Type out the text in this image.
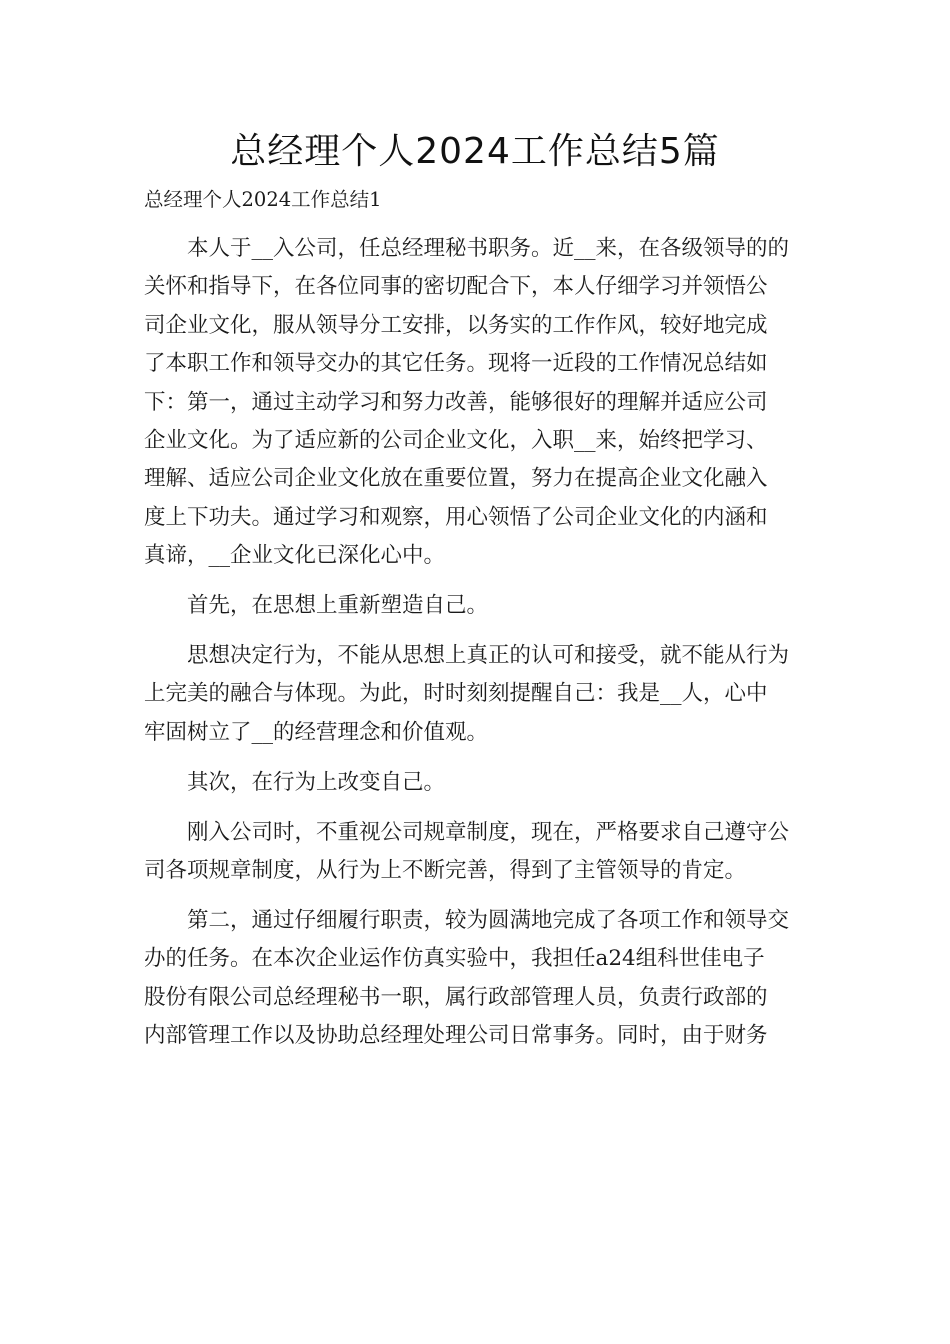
总经理个人2024工作总结5篇
总经理个人2024工作总结1

本人于__入公司，任总经理秘书职务。近__来，在各级领导的的
关怀和指导下，在各位同事的密切配合下，本人仔细学习并领悟公
司企业文化，服从领导分工安排，以务实的工作作风，较好地完成
了本职工作和领导交办的其它任务。现将一近段的工作情况总结如
下：第一，通过主动学习和努力改善，能够很好的理解并适应公司
企业文化。为了适应新的公司企业文化，入职__来，始终把学习、
理解、适应公司企业文化放在重要位置，努力在提高企业文化融入
度上下功夫。通过学习和观察，用心领悟了公司企业文化的内涵和
真谛，__企业文化已深化心中。

首先，在思想上重新塑造自己。

思想决定行为，不能从思想上真正的认可和接受，就不能从行为
上完美的融合与体现。为此，时时刻刻提醒自己：我是__人，心中
牢固树立了__的经营理念和价值观。

其次，在行为上改变自己。

刚入公司时，不重视公司规章制度，现在，严格要求自己遵守公
司各项规章制度，从行为上不断完善，得到了主管领导的肯定。

第二，通过仔细履行职责，较为圆满地完成了各项工作和领导交
办的任务。在本次企业运作仿真实验中，我担任a24组科世佳电子
股份有限公司总经理秘书一职，属行政部管理人员，负责行政部的
内部管理工作以及协助总经理处理公司日常事务。同时，由于财务
